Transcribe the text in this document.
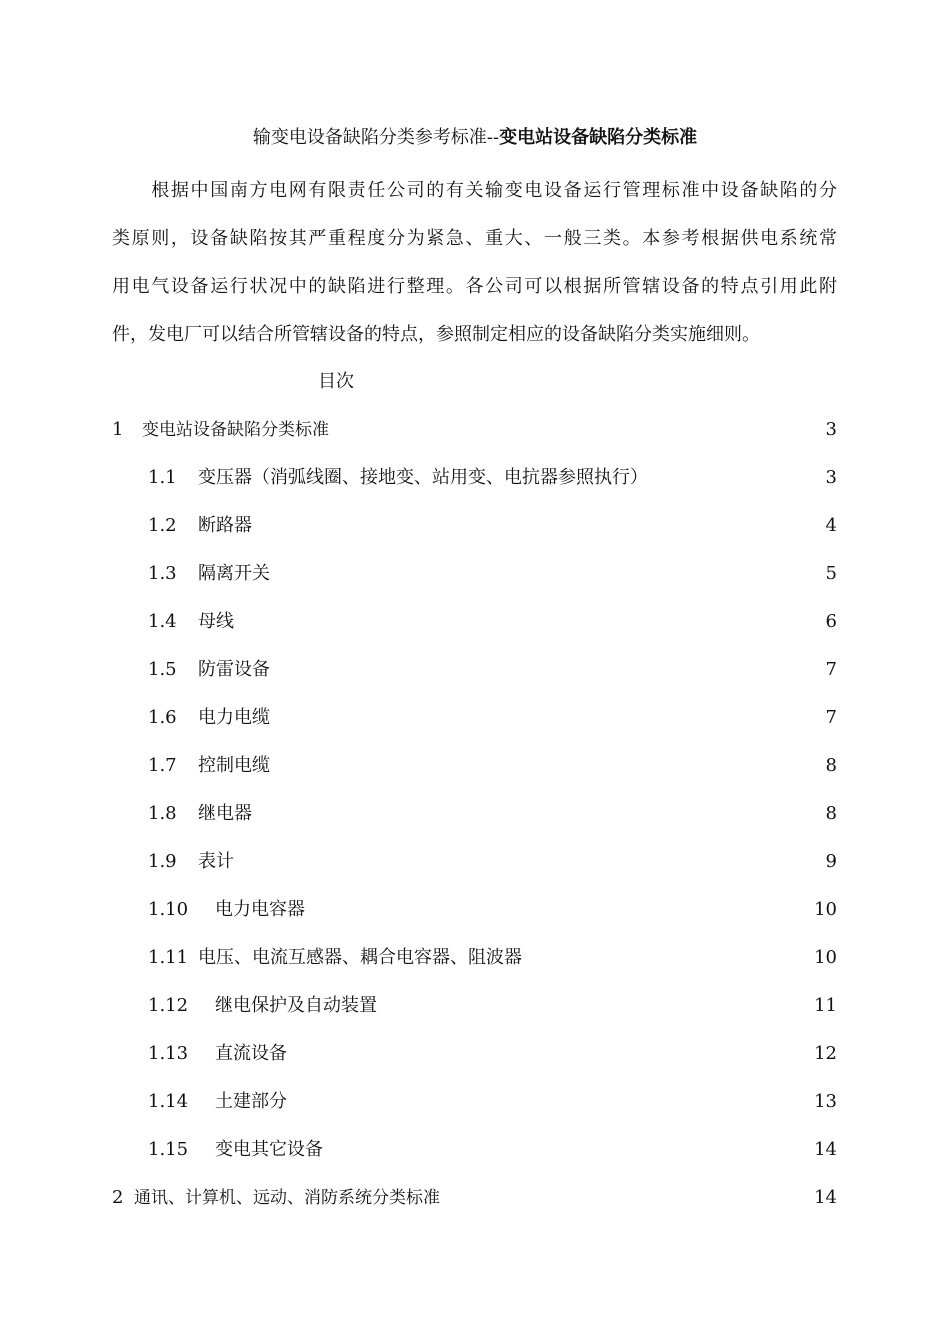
输变电设备缺陷分类参考标准--变电站设备缺陷分类标准
　　根据中国南方电网有限责任公司的有关输变电设备运行管理标准中设备缺陷的分
类原则，设备缺陷按其严重程度分为紧急、重大、一般三类。本参考根据供电系统常
用电气设备运行状况中的缺陷进行整理。各公司可以根据所管辖设备的特点引用此附
件，发电厂可以结合所管辖设备的特点，参照制定相应的设备缺陷分类实施细则。
目次
1 变电站设备缺陷分类标准	3
1.1 变压器（消弧线圈、接地变、站用变、电抗器参照执行）	3
1.2 断路器	4
1.3 隔离开关	5
1.4 母线	6
1.5 防雷设备	7
1.6 电力电缆	7
1.7 控制电缆	8
1.8 继电器	8
1.9 表计	9
1.10 电力电容器	10
1.11 电压、电流互感器、耦合电容器、阻波器	10
1.12 继电保护及自动装置	11
1.13 直流设备	12
1.14 土建部分	13
1.15 变电其它设备	14
2 通讯、计算机、远动、消防系统分类标准	14
